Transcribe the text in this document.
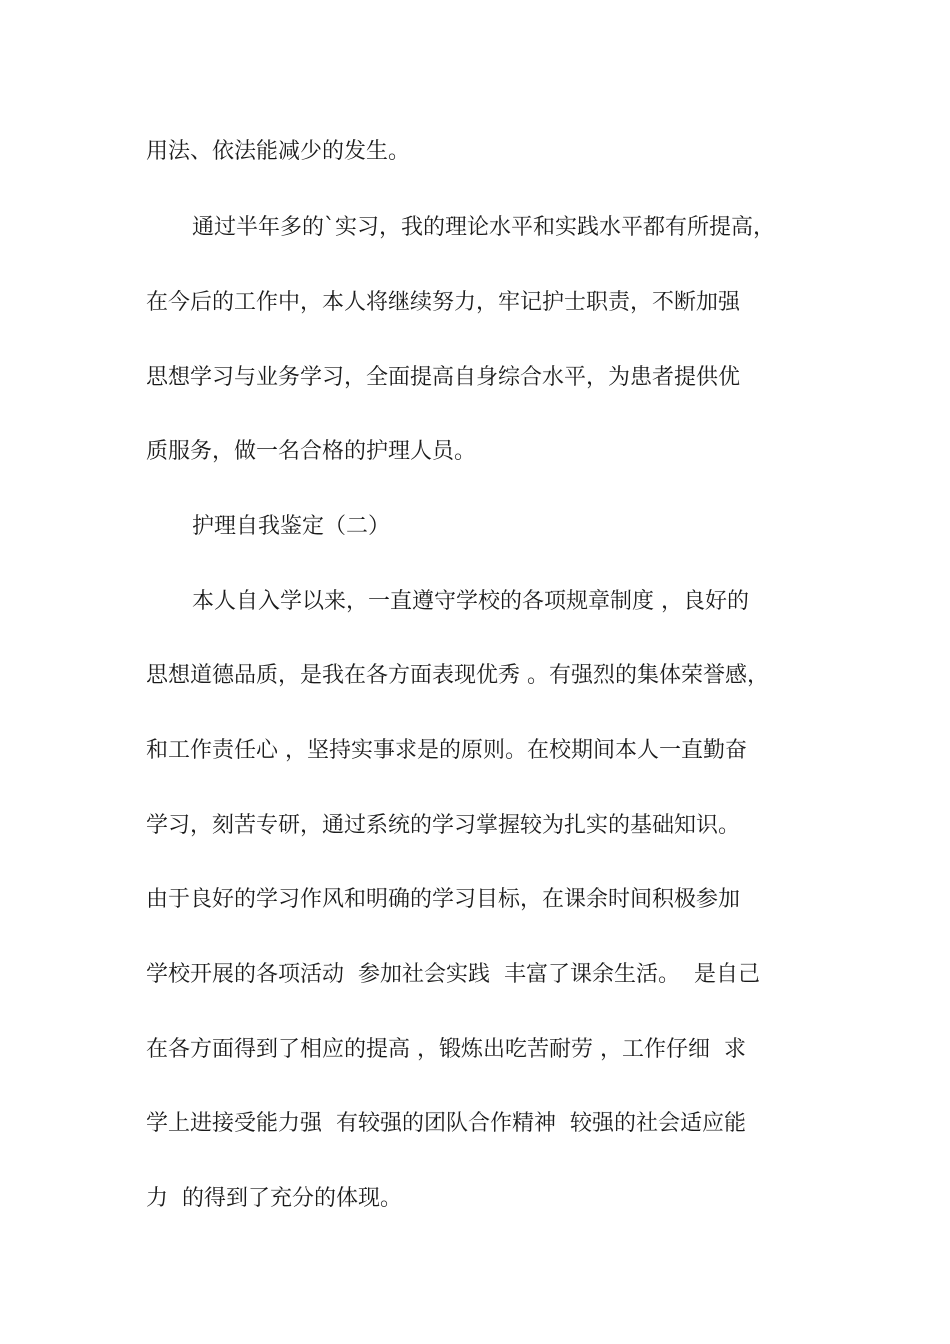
用法、依法能减少的发生。

通过半年多的`实习，我的理论水平和实践水平都有所提高，

在今后的工作中，本人将继续努力，牢记护士职责，不断加强

思想学习与业务学习，全面提高自身综合水平，为患者提供优

质服务，做一名合格的护理人员。

护理自我鉴定（二）

本人自入学以来，一直遵守学校的各项规章制度 ，良好的

思想道德品质，是我在各方面表现优秀 。有强烈的集体荣誉感，

和工作责任心 ，坚持实事求是的原则。在校期间本人一直勤奋

学习，刻苦专研，通过系统的学习掌握较为扎实的基础知识。

由于良好的学习作风和明确的学习目标，在课余时间积极参加

学校开展的各项活动  参加社会实践  丰富了课余生活。  是自己

在各方面得到了相应的提高 ，锻炼出吃苦耐劳 ，工作仔细  求

学上进接受能力强  有较强的团队合作精神  较强的社会适应能

力  的得到了充分的体现。
